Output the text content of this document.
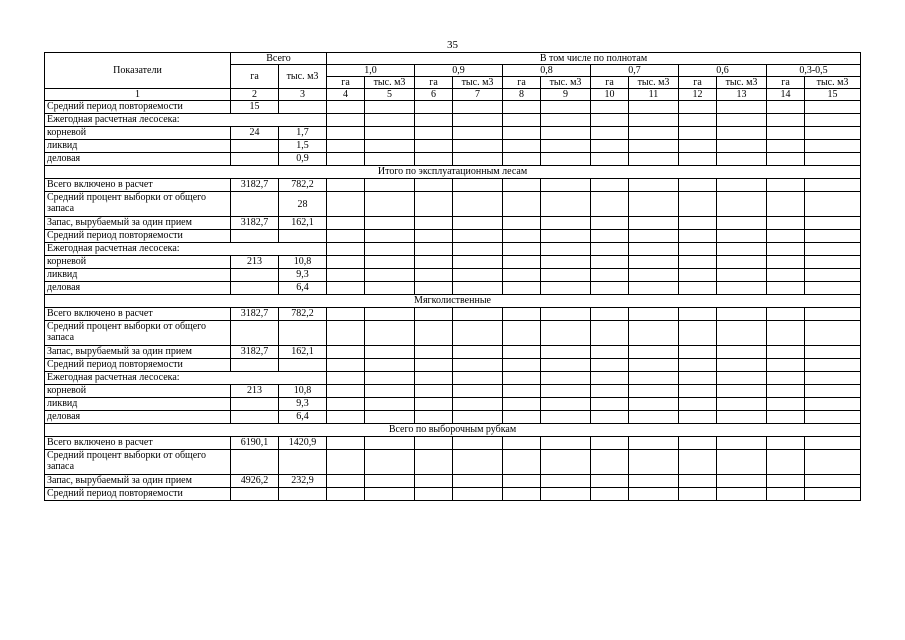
35
Показатели	Всего		В том числе по полнотам											
	га	тыс. м3	1,0		0,9		0,8		0,7		0,6		0,3-0,5	
			га	тыс. м3	га	тыс. м3	га	тыс. м3	га	тыс. м3	га	тыс. м3	га	тыс. м3
1	2	3	4	5	6	7	8	9	10	11	12	13	14	15
Средний период повторяемости	15													
Ежегодная расчетная лесосека:														
корневой	24	1,7												
ликвид		1,5												
деловая		0,9												
Итого по эксплуатационным лесам														
Всего включено в расчет	3182,7	782,2												
Средний процент выборки от общего запаса		28												
Запас, вырубаемый за один прием	3182,7	162,1												
Средний период повторяемости														
Ежегодная расчетная лесосека:														
корневой	213	10,8												
ликвид		9,3												
деловая		6,4												
Мягколиственные														
Всего включено в расчет	3182,7	782,2												
Средний процент выборки от общего запаса														
Запас, вырубаемый за один прием	3182,7	162,1												
Средний период повторяемости														
Ежегодная расчетная лесосека:														
корневой	213	10,8												
ликвид		9,3												
деловая		6,4												
Всего по выборочным рубкам														
Всего включено в расчет	6190,1	1420,9												
Средний процент выборки от общего запаса														
Запас, вырубаемый за один прием	4926,2	232,9												
Средний период повторяемости														
